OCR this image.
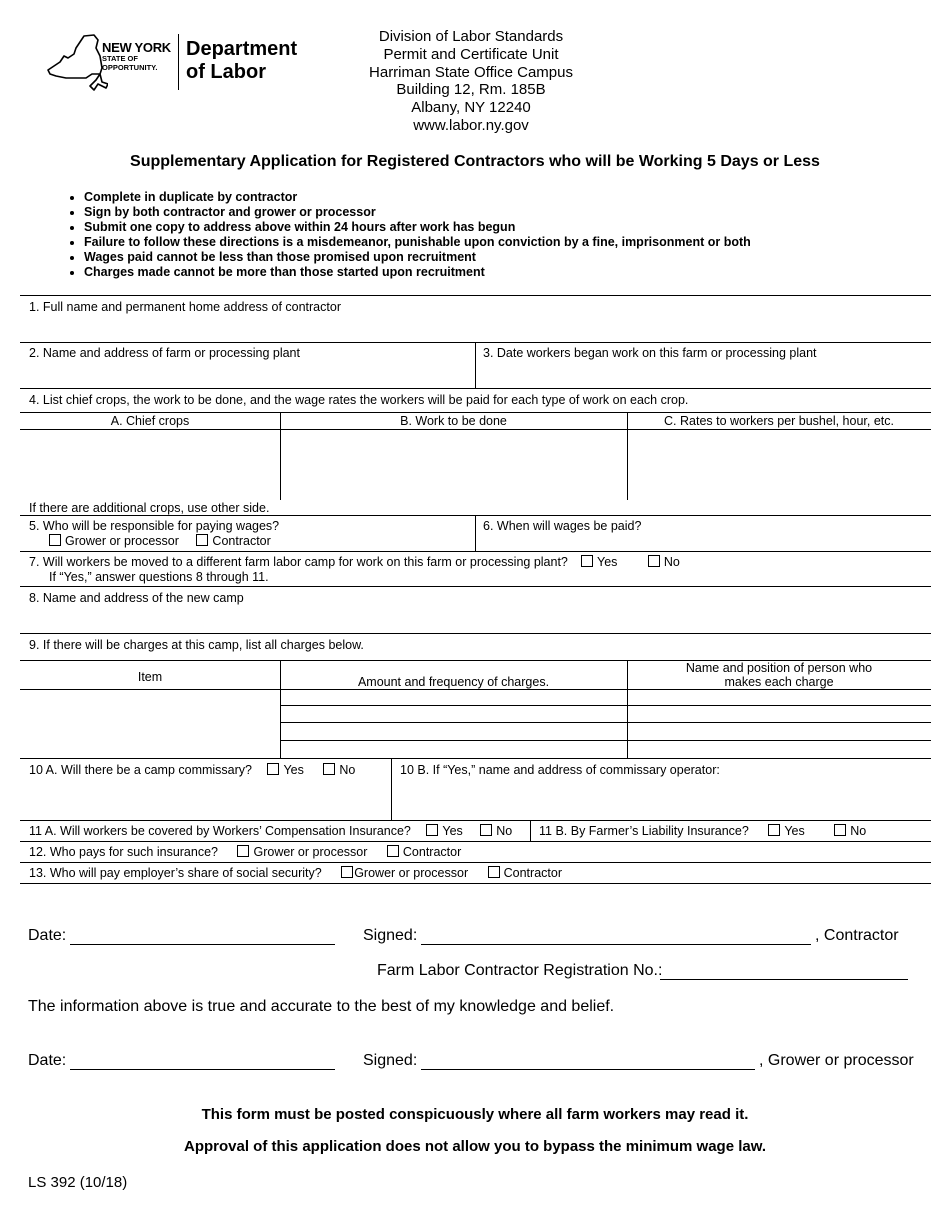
NEW YORK
STATE OF
OPPORTUNITY.
Department
of Labor
Division of Labor Standards
Permit and Certificate Unit
Harriman State Office Campus
Building 12, Rm. 185B
Albany, NY 12240
www.labor.ny.gov
Supplementary Application for Registered Contractors who will be Working 5 Days or Less
• Complete in duplicate by contractor
• Sign by both contractor and grower or processor
• Submit one copy to address above within 24 hours after work has begun
• Failure to follow these directions is a misdemeanor, punishable upon conviction by a fine, imprisonment or both
• Wages paid cannot be less than those promised upon recruitment
• Charges made cannot be more than those started upon recruitment
1. Full name and permanent home address of contractor
2. Name and address of farm or processing plant	3. Date workers began work on this farm or processing plant
4. List chief crops, the work to be done, and the wage rates the workers will be paid for each type of work on each crop.
A. Chief crops	B. Work to be done	C. Rates to workers per bushel, hour, etc.
If there are additional crops, use other side.
5. Who will be responsible for paying wages?
Grower or processor	Contractor
6. When will wages be paid?
7. Will workers be moved to a different farm labor camp for work on this farm or processing plant?	Yes	No
If “Yes,” answer questions 8 through 11.
8. Name and address of the new camp
9. If there will be charges at this camp, list all charges below.
Item	Amount and frequency of charges.
Name and position of person who
makes each charge
10 A. Will there be a camp commissary?	Yes	No	10 B. If “Yes,” name and address of commissary operator:
11 A. Will workers be covered by Workers’ Compensation Insurance?	Yes	No 11 B. By Farmer’s Liability Insurance?	Yes	No
12. Who pays for such insurance?	Grower or processor	Contractor
13. Who will pay employer’s share of social security?	Grower or processor	Contractor
Date:	Signed:	, Contractor
Farm Labor Contractor Registration No.:
The information above is true and accurate to the best of my knowledge and belief.
Date:	Signed:	, Grower or processor
This form must be posted conspicuously where all farm workers may read it.
Approval of this application does not allow you to bypass the minimum wage law.
LS 392 (10/18)
